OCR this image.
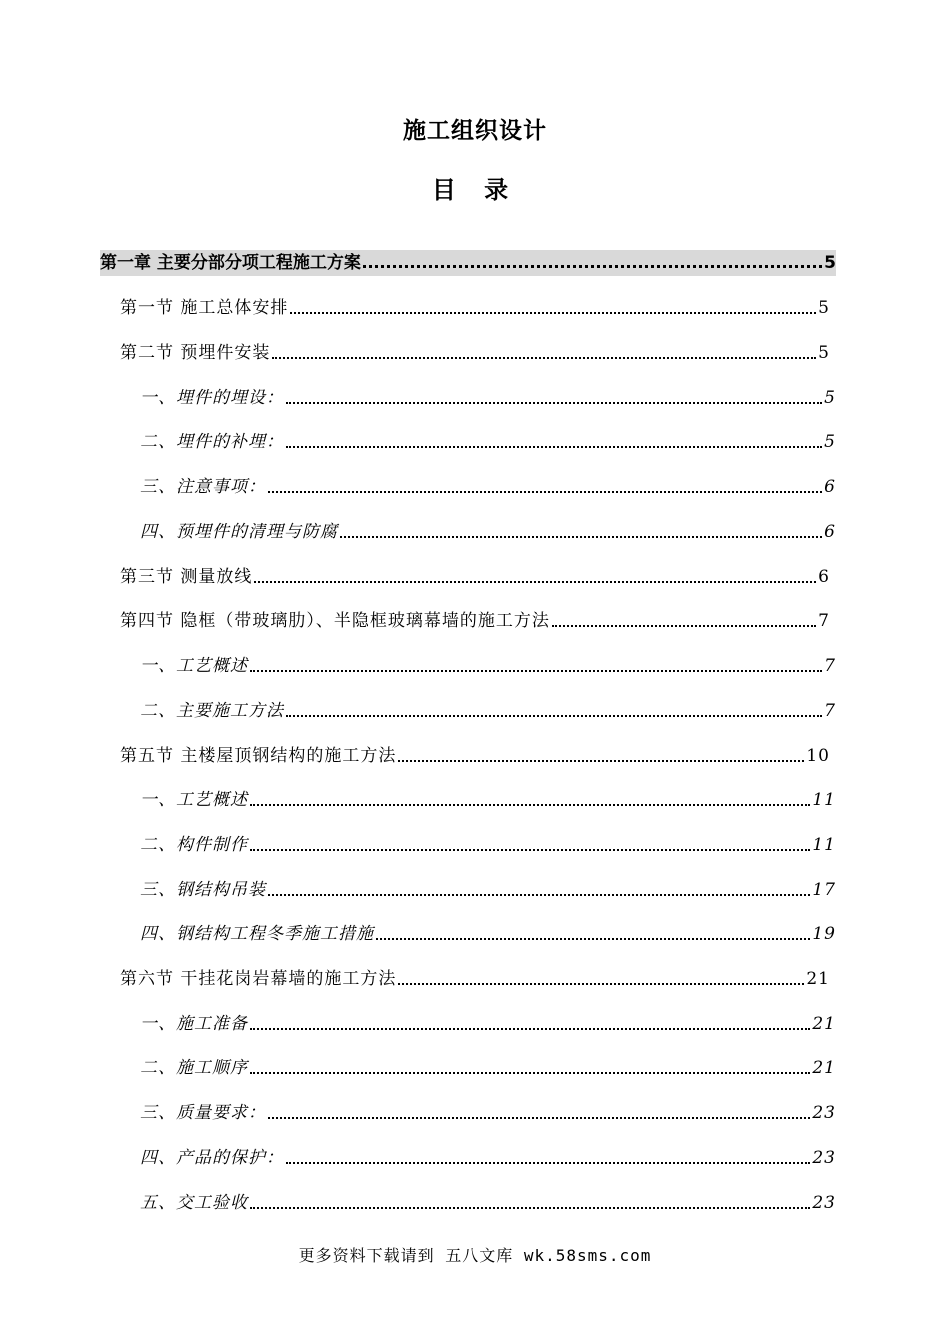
施工组织设计
目 录
第一章 主要分部分项工程施工方案	5
第一节 施工总体安排	5
第二节 预埋件安装	5
一、埋件的埋设：	5
二、埋件的补埋：	5
三、注意事项：	6
四、预埋件的清理与防腐	6
第三节 测量放线	6
第四节 隐框（带玻璃肋）、半隐框玻璃幕墙的施工方法	7
一、工艺概述	7
二、主要施工方法	7
第五节 主楼屋顶钢结构的施工方法	10
一、工艺概述	11
二、构件制作	11
三、钢结构吊装	17
四、钢结构工程冬季施工措施	19
第六节 干挂花岗岩幕墙的施工方法	21
一、施工准备	21
二、施工顺序	21
三、质量要求：	23
四、产品的保护：	23
五、交工验收	23
更多资料下载请到 五八文库 wk.58sms.com
